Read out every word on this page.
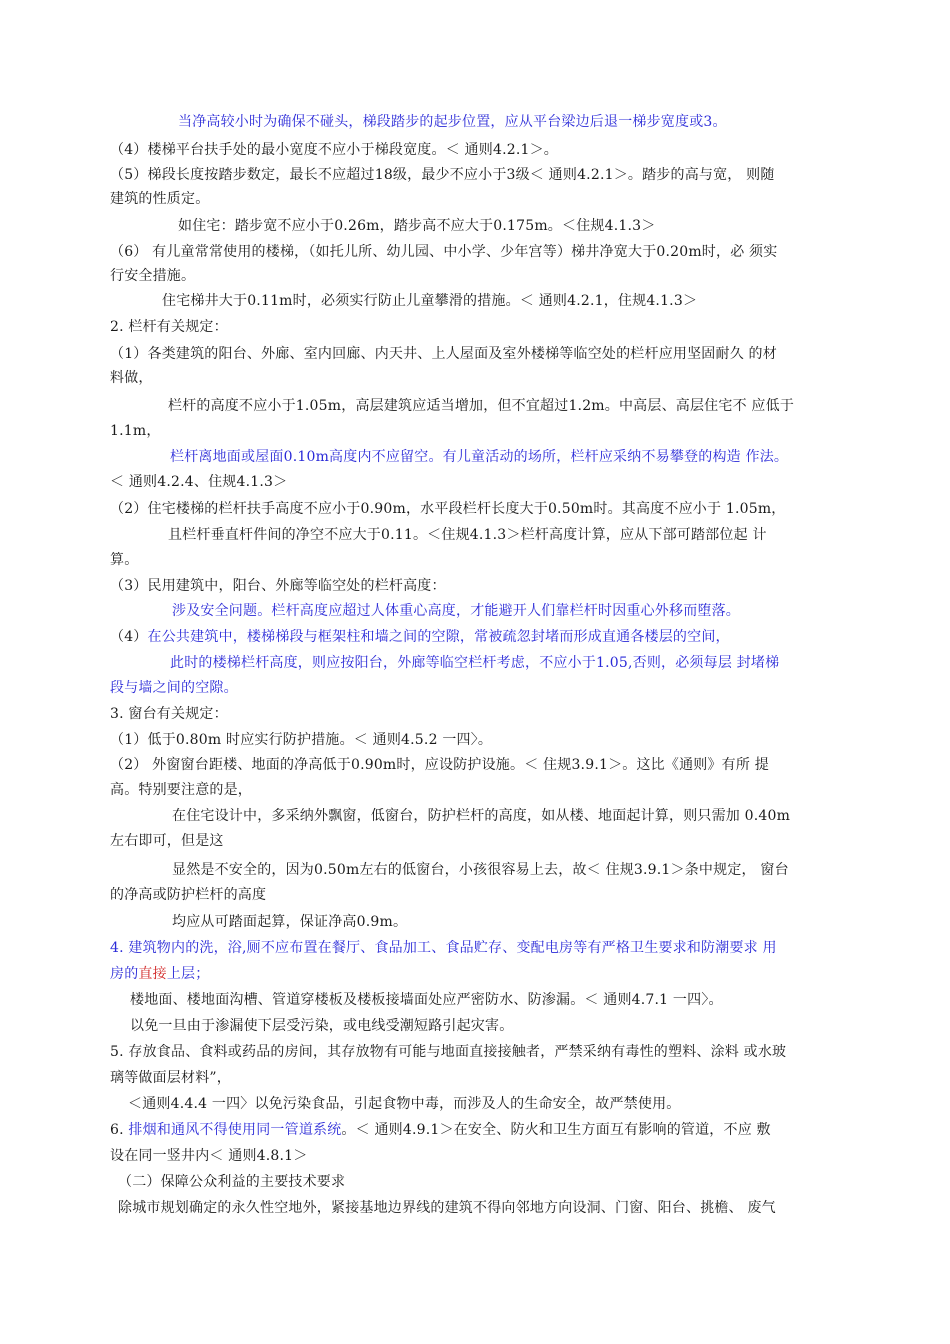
当净高较小时为确保不碰头，梯段踏步的起步位置，应从平台梁边后退一梯步宽度或3。
（4）楼梯平台扶手处的最小宽度不应小于梯段宽度。＜ 通则4.2.1＞。
（5）梯段长度按踏步数定，最长不应超过18级，最少不应小于3级＜ 通则4.2.1＞。踏步的高与宽， 则随
建筑的性质定。
如住宅：踏步宽不应小于0.26m，踏步高不应大于0.175m。＜住规4.1.3＞
（6） 有儿童常常使用的楼梯，（如托儿所、幼儿园、中小学、少年宫等）梯井净宽大于0.20m时，必 须实
行安全措施。
住宅梯井大于0.11m时，必须实行防止儿童攀滑的措施。＜ 通则4.2.1，住规4.1.3＞
2. 栏杆有关规定：
（1）各类建筑的阳台、外廊、室内回廊、内天井、上人屋面及室外楼梯等临空处的栏杆应用坚固耐久 的材
料做，
栏杆的高度不应小于1.05m，高层建筑应适当增加，但不宜超过1.2m。中高层、高层住宅不 应低于
1.1m，
栏杆离地面或屋面0.10m高度内不应留空。有儿童活动的场所，栏杆应采纳不易攀登的构造 作法。
＜ 通则4.2.4、住规4.1.3＞
（2）住宅楼梯的栏杆扶手高度不应小于0.90m，水平段栏杆长度大于0.50m时。其高度不应小于 1.05m，
且栏杆垂直杆件间的净空不应大于0.11。＜住规4.1.3＞栏杆高度计算，应从下部可踏部位起 计
算。
（3）民用建筑中，阳台、外廊等临空处的栏杆高度：
涉及安全问题。栏杆高度应超过人体重心高度，才能避开人们靠栏杆时因重心外移而堕落。
（4）在公共建筑中，楼梯梯段与框架柱和墙之间的空隙，常被疏忽封堵而形成直通各楼层的空间，
此时的楼梯栏杆高度，则应按阳台，外廊等临空栏杆考虑，不应小于1.05,否则，必须每层 封堵梯
段与墙之间的空隙。
3. 窗台有关规定：
（1）低于0.80m 时应实行防护措施。＜ 通则4.5.2 一四〉。
（2） 外窗窗台距楼、地面的净高低于0.90m时，应设防护设施。＜ 住规3.9.1＞。这比《通则》有所 提
高。特别要注意的是，
在住宅设计中，多采纳外飘窗，低窗台，防护栏杆的高度，如从楼、地面起计算，则只需加 0.40m
左右即可，但是这
显然是不安全的，因为0.50m左右的低窗台，小孩很容易上去，故＜ 住规3.9.1＞条中规定， 窗台
的净高或防护栏杆的高度
均应从可踏面起算，保证净高0.9m。
4. 建筑物内的洗，浴,厕不应布置在餐厅、食品加工、食品贮存、变配电房等有严格卫生要求和防潮要求 用
房的直接上层；
楼地面、楼地面沟槽、管道穿楼板及楼板接墙面处应严密防水、防渗漏。＜ 通则4.7.1 一四〉。
以免一旦由于渗漏使下层受污染，或电线受潮短路引起灾害。
5. 存放食品、食料或药品的房间，其存放物有可能与地面直接接触者，严禁采纳有毒性的塑料、涂料 或水玻
璃等做面层材料”，
＜通则4.4.4 一四〉以免污染食品，引起食物中毒，而涉及人的生命安全，故严禁使用。
6. 排烟和通风不得使用同一管道系统。＜ 通则4.9.1＞在安全、防火和卫生方面互有影响的管道，不应 敷
设在同一竖井内＜ 通则4.8.1＞
（二）保障公众利益的主要技术要求
除城市规划确定的永久性空地外，紧接基地边界线的建筑不得向邻地方向设洞、门窗、阳台、挑檐、 废气
